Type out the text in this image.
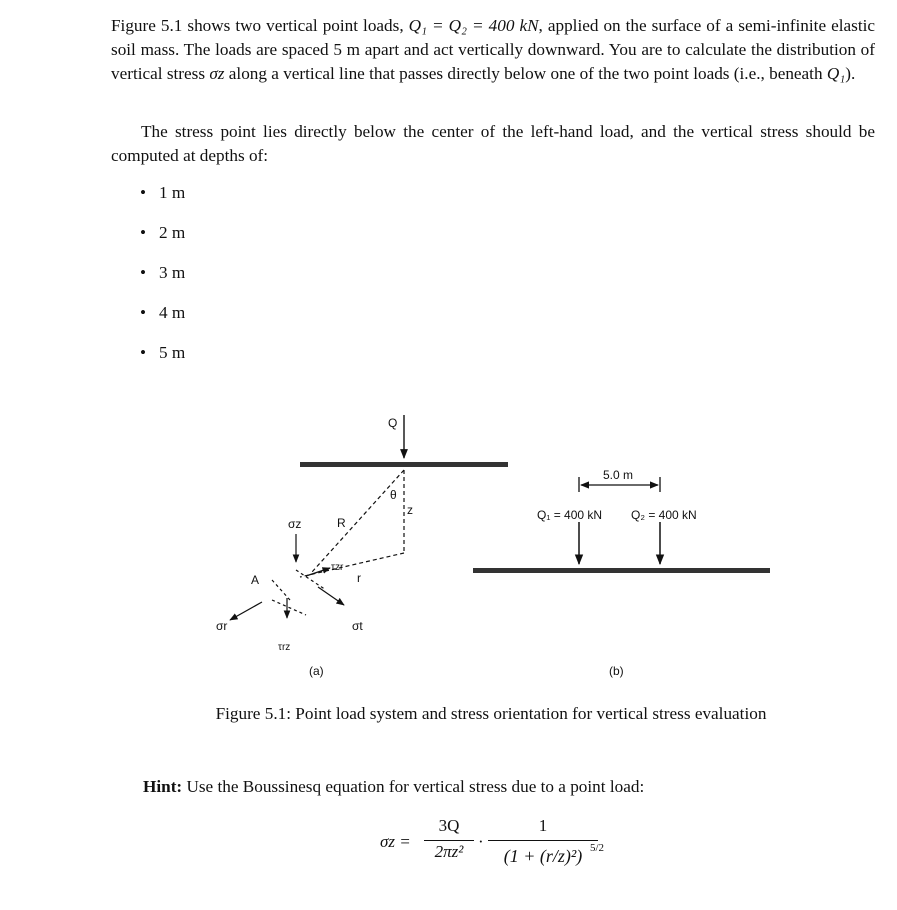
Figure 5.1 shows two vertical point loads, Q₁ = Q₂ = 400 kN, applied on the surface of a semi-infinite elastic soil mass. The loads are spaced 5 m apart and act vertically downward. You are to calculate the distribution of vertical stress σz along a vertical line that passes directly below one of the two point loads (i.e., beneath Q₁).
The stress point lies directly below the center of the left-hand load, and the vertical stress should be computed at depths of:
• 1 m
• 2 m
• 3 m
• 4 m
• 5 m
Q
θ
z
R
σz
τzr
r
A
σr	σt
τrz
(a)
5.0 m
Q₁ = 400 kN Q₂ = 400 kN
(b)
Figure 5.1: Point load system and stress orientation for vertical stress evaluation
Hint: Use the Boussinesq equation for vertical stress due to a point load:
σz =
3Q
2πz²
·
1
(1 + (r/z)²) 5/2
